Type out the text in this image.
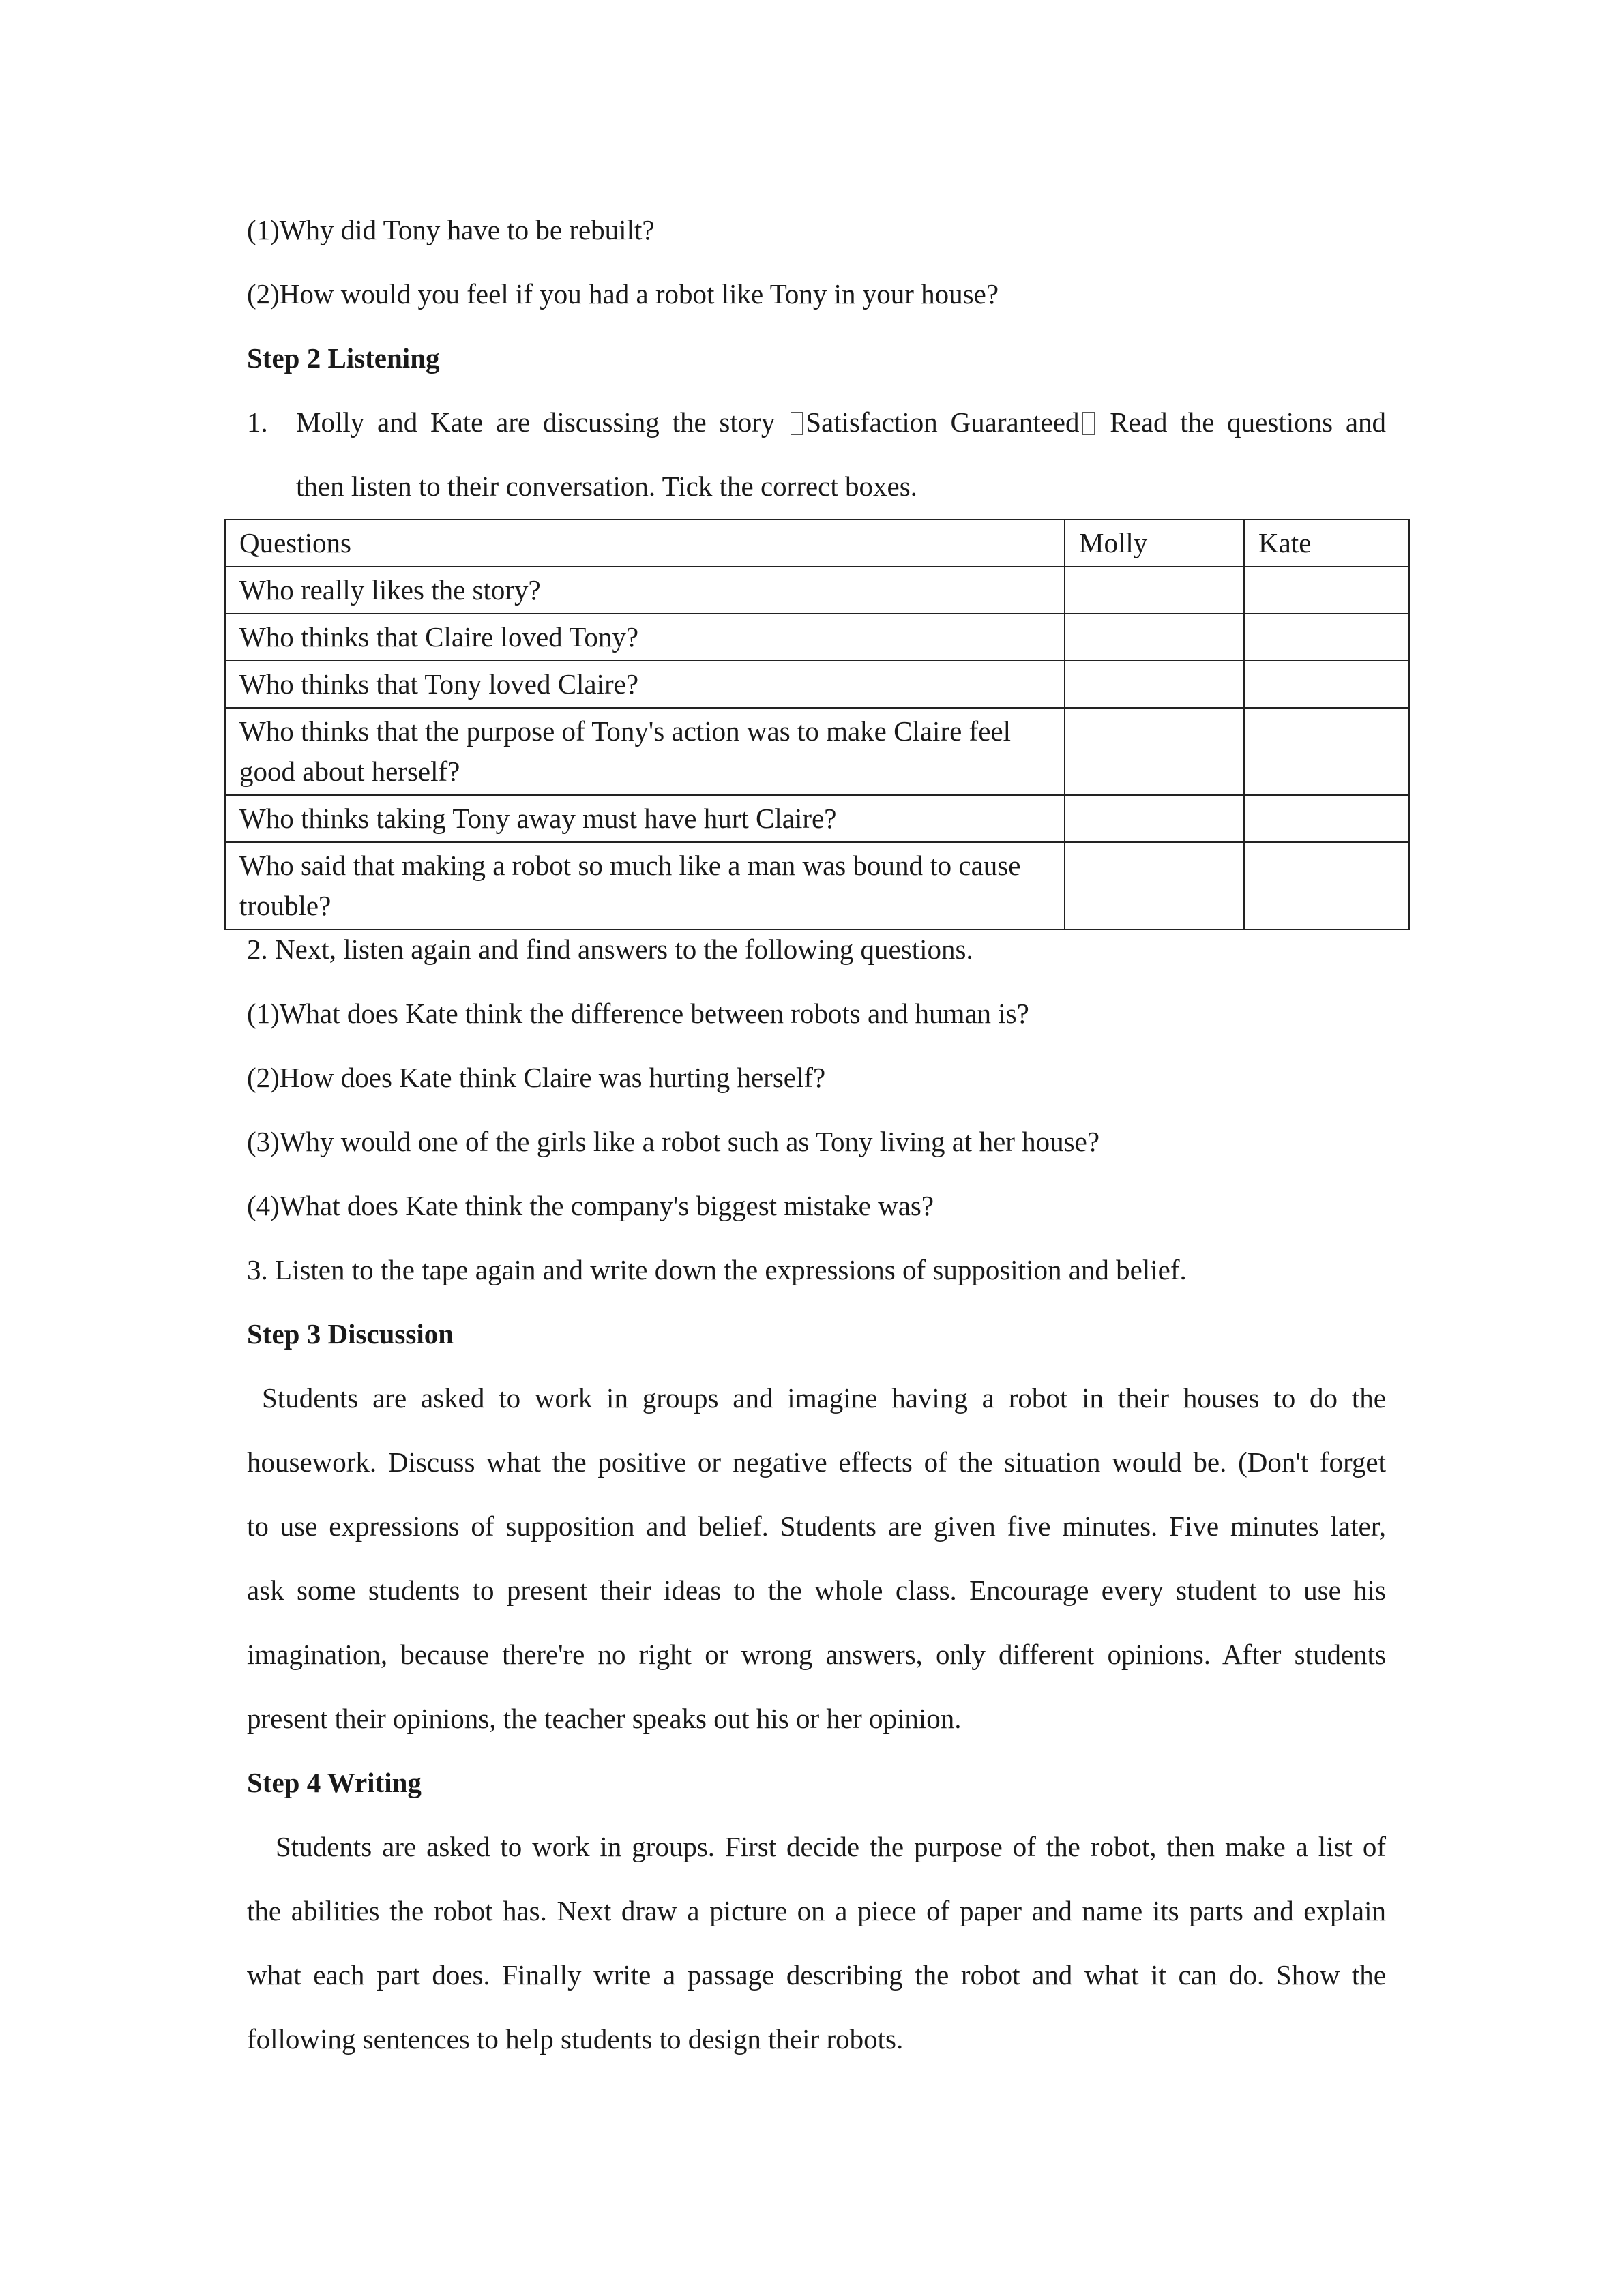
(1)Why did Tony have to be rebuilt?
(2)How would you feel if you had a robot like Tony in your house?
Step 2 Listening
1. Molly and Kate are discussing the story Satisfaction Guaranteed Read the questions and
then listen to their conversation. Tick the correct boxes.
Questions	Molly	Kate
Who really likes the story?		
Who thinks that Claire loved Tony?		
Who thinks that Tony loved Claire?		
Who thinks that the purpose of Tony's action was to make Claire feel good about herself?		
Who thinks taking Tony away must have hurt Claire?		
Who said that making a robot so much like a man was bound to cause trouble?		
2. Next, listen again and find answers to the following questions.
(1)What does Kate think the difference between robots and human is?
(2)How does Kate think Claire was hurting herself?
(3)Why would one of the girls like a robot such as Tony living at her house?
(4)What does Kate think the company's biggest mistake was?
3. Listen to the tape again and write down the expressions of supposition and belief.
Step 3 Discussion
Students are asked to work in groups and imagine having a robot in their houses to do the
housework. Discuss what the positive or negative effects of the situation would be. (Don't forget
to use expressions of supposition and belief. Students are given five minutes. Five minutes later,
ask some students to present their ideas to the whole class. Encourage every student to use his
imagination, because there're no right or wrong answers, only different opinions. After students
present their opinions, the teacher speaks out his or her opinion.
Step 4 Writing
Students are asked to work in groups. First decide the purpose of the robot, then make a list of
the abilities the robot has. Next draw a picture on a piece of paper and name its parts and explain
what each part does. Finally write a passage describing the robot and what it can do. Show the
following sentences to help students to design their robots.
